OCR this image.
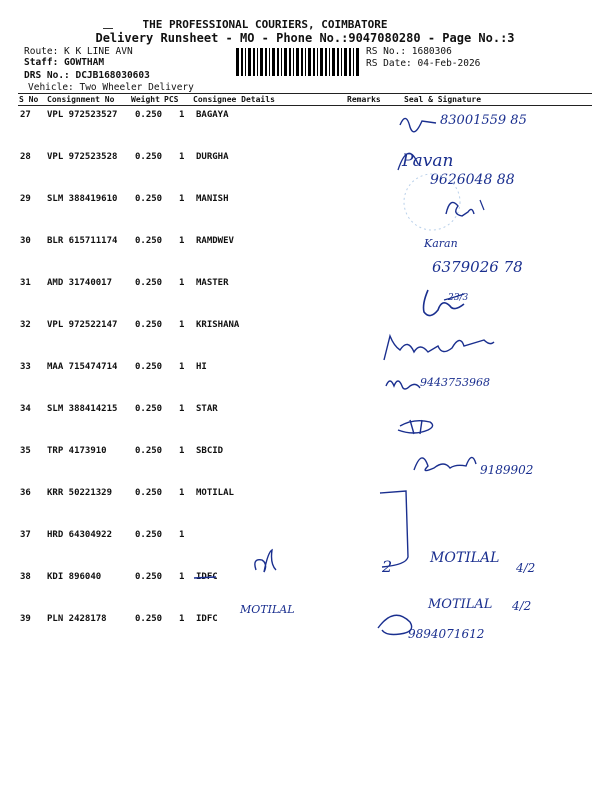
THE PROFESSIONAL COURIERS, COIMBATORE
Delivery Runsheet - MO - Phone No.:9047080280 - Page No.:3
Route: K K LINE AVN
Staff: GOWTHAM
DRS No.: DCJB168030603
Vehicle: Two Wheeler Delivery
RS No.: 1680306
RS Date: 04-Feb-2026
S No Consignment No Weight PCS Consignee Details	Remarks	Seal & Signature
27 VPL 972523527 0.250 1 BAGAYA
28 VPL 972523528 0.250 1 DURGHA
29 SLM 388419610 0.250 1 MANISH
30 BLR 615711174 0.250 1 RAMDWEV
31 AMD 31740017	0.250 1 MASTER
32 VPL 972522147 0.250 1 KRISHANA
33 MAA 715474714 0.250 1 HI
34 SLM 388414215 0.250 1 STAR
35 TRP 4173910	0.250 1 SBCID
36 KRR 50221329	0.250 1 MOTILAL
37 HRD 64304922	0.250 1
38 KDI 896040	0.250 1 IDFC
39 PLN 2428178	0.250 1 IDFC
83001559 85
Pavan
9626048 88
Karan
6379026 78
23/3
9443753968
9189902
2	MOTILAL
4/2
MOTILAL 4/2
MOTILAL
9894071612
